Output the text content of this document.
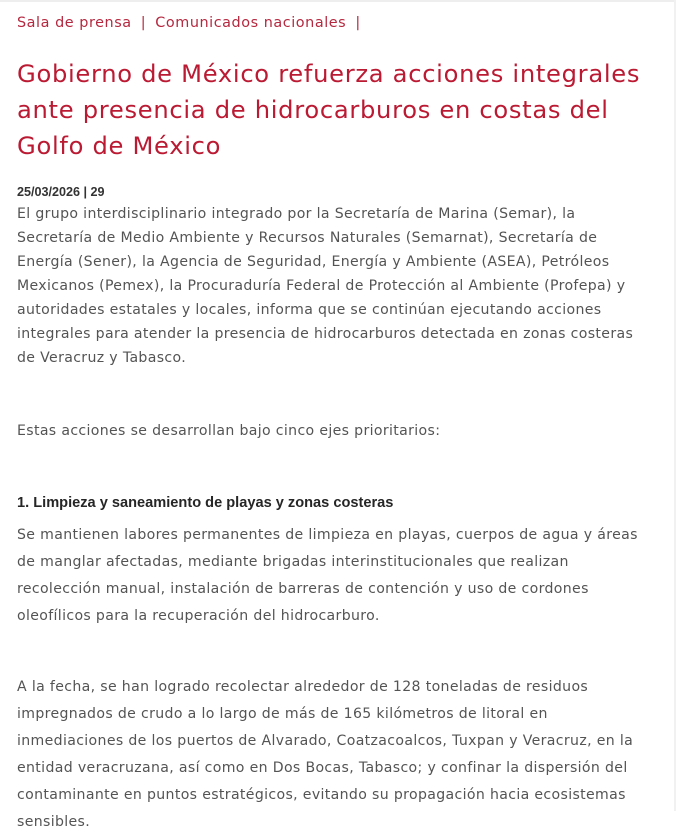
Sala de prensa | Comunicados nacionales |
Gobierno de México refuerza acciones integrales ante presencia de hidrocarburos en costas del Golfo de México
25/03/2026 | 29

El grupo interdisciplinario integrado por la Secretaría de Marina (Semar), la Secretaría de Medio Ambiente y Recursos Naturales (Semarnat), Secretaría de Energía (Sener), la Agencia de Seguridad, Energía y Ambiente (ASEA), Petróleos Mexicanos (Pemex), la Procuraduría Federal de Protección al Ambiente (Profepa) y autoridades estatales y locales, informa que se continúan ejecutando acciones integrales para atender la presencia de hidrocarburos detectada en zonas costeras de Veracruz y Tabasco.

Estas acciones se desarrollan bajo cinco ejes prioritarios:

1. Limpieza y saneamiento de playas y zonas costeras

Se mantienen labores permanentes de limpieza en playas, cuerpos de agua y áreas de manglar afectadas, mediante brigadas interinstitucionales que realizan recolección manual, instalación de barreras de contención y uso de cordones oleofílicos para la recuperación del hidrocarburo.

A la fecha, se han logrado recolectar alrededor de 128 toneladas de residuos impregnados de crudo a lo largo de más de 165 kilómetros de litoral en inmediaciones de los puertos de Alvarado, Coatzacoalcos, Tuxpan y Veracruz, en la entidad veracruzana, así como en Dos Bocas, Tabasco; y confinar la dispersión del contaminante en puntos estratégicos, evitando su propagación hacia ecosistemas sensibles.
